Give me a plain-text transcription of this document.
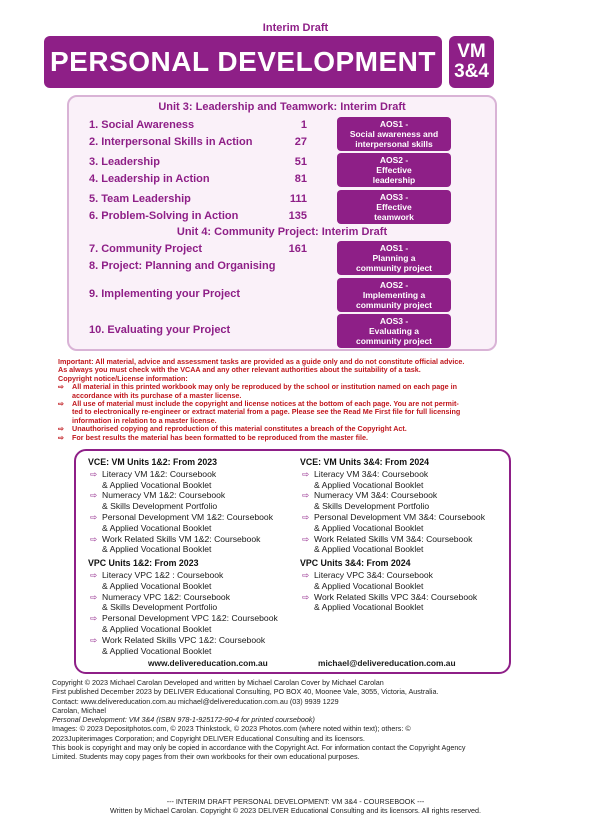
Interim Draft
PERSONAL DEVELOPMENT	VM
3&4
Unit 3: Leadership and Teamwork: Interim Draft
1. Social Awareness	1
2. Interpersonal Skills in Action	27
3. Leadership	51
4. Leadership in Action	81
5. Team Leadership	111
6. Problem-Solving in Action	135
Unit 4: Community Project: Interim Draft
7. Community Project	161
8. Project: Planning and Organising
9. Implementing your Project
10. Evaluating your Project
AOS1 -
Social awareness and
interpersonal skills
AOS2 -
Effective
leadership
AOS3 -
Effective
teamwork
AOS1 -
Planning a
community project
AOS2 -
Implementing a
community project
AOS3 -
Evaluating a
community project
Important: All material, advice and assessment tasks are provided as a guide only and do not constitute official advice.
As always you must check with the VCAA and any other relevant authorities about the suitability of a task.
Copyright notice/License information:
⇨ All material in this printed workbook may only be reproduced by the school or institution named on each page in
accordance with its purchase of a master license.
⇨ All use of material must include the copyright and license notices at the bottom of each page. You are not permit-
ted to electronically re-engineer or extract material from a page. Please see the Read Me First file for full licensing
information in relation to a master license.
⇨ Unauthorised copying and reproduction of this material constitutes a breach of the Copyright Act.
⇨ For best results the material has been formatted to be reproduced from the master file.
VCE: VM Units 1&2: From 2023
⇨ Literacy VM 1&2: Coursebook
& Applied Vocational Booklet
⇨ Numeracy VM 1&2: Coursebook
& Skills Development Portfolio
⇨ Personal Development VM 1&2: Coursebook
& Applied Vocational Booklet
⇨ Work Related Skills VM 1&2: Coursebook
& Applied Vocational Booklet
VPC Units 1&2: From 2023
⇨ Literacy VPC 1&2 : Coursebook
& Applied Vocational Booklet
⇨ Numeracy VPC 1&2: Coursebook
& Skills Development Portfolio
⇨ Personal Development VPC 1&2: Coursebook
& Applied Vocational Booklet
⇨ Work Related Skills VPC 1&2: Coursebook
& Applied Vocational Booklet
VCE: VM Units 3&4: From 2024
⇨ Literacy VM 3&4: Coursebook
& Applied Vocational Booklet
⇨ Numeracy VM 3&4: Coursebook
& Skills Development Portfolio
⇨ Personal Development VM 3&4: Coursebook
& Applied Vocational Booklet
⇨ Work Related Skills VM 3&4: Coursebook
& Applied Vocational Booklet
VPC Units 3&4: From 2024
⇨ Literacy VPC 3&4: Coursebook
& Applied Vocational Booklet
⇨ Work Related Skills VPC 3&4: Coursebook
& Applied Vocational Booklet
www.delivereducation.com.au	michael@delivereducation.com.au
Copyright © 2023 Michael Carolan Developed and written by Michael Carolan Cover by Michael Carolan
First published December 2023 by DELIVER Educational Consulting, PO BOX 40, Moonee Vale, 3055, Victoria, Australia.
Contact: www.delivereducation.com.au michael@delivereducation.com.au (03) 9939 1229
Carolan, Michael
Personal Development: VM 3&4 (ISBN 978-1-925172-90-4 for printed coursebook)
Images: © 2023 Depositphotos.com, © 2023 Thinkstock, © 2023 Photos.com (where noted within text); others: ©
2023Jupiterimages Corporation; and Copyright DELIVER Educational Consulting and its licensors.
This book is copyright and may only be copied in accordance with the Copyright Act. For information contact the Copyright Agency
Limited. Students may copy pages from their own workbooks for their own educational purposes.
--- INTERIM DRAFT PERSONAL DEVELOPMENT: VM 3&4 - COURSEBOOK ---
Written by Michael Carolan. Copyright © 2023 DELIVER Educational Consulting and its licensors. All rights reserved.
